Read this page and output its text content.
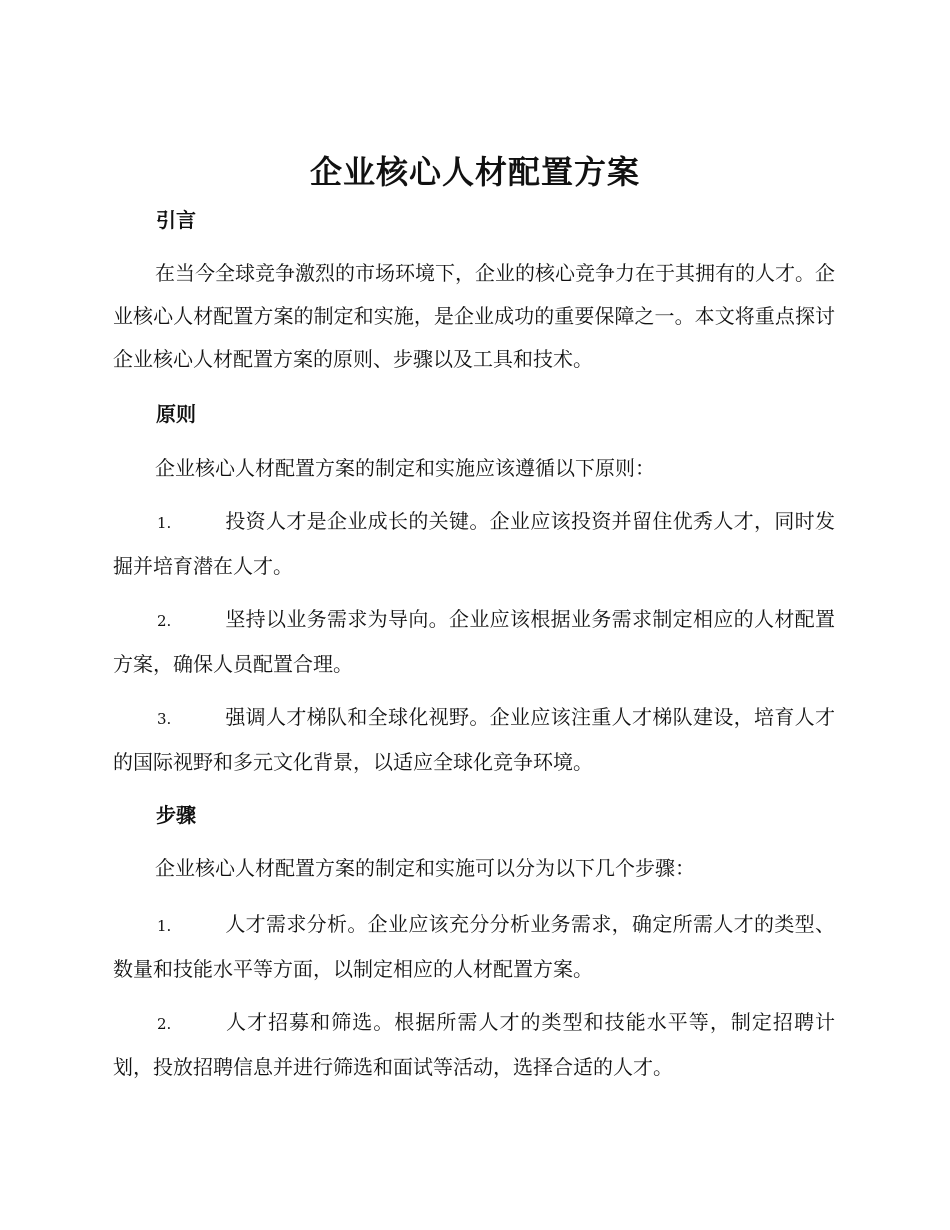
企业核心人材配置方案
引言

在当今全球竞争激烈的市场环境下，企业的核心竞争力在于其拥有的人才。企业核心人材配置方案的制定和实施，是企业成功的重要保障之一。本文将重点探讨企业核心人材配置方案的原则、步骤以及工具和技术。

原则

企业核心人材配置方案的制定和实施应该遵循以下原则：

1.	投资人才是企业成长的关键。企业应该投资并留住优秀人才，同时发掘并培育潜在人才。

2.	坚持以业务需求为导向。企业应该根据业务需求制定相应的人材配置方案，确保人员配置合理。

3.	强调人才梯队和全球化视野。企业应该注重人才梯队建设，培育人才的国际视野和多元文化背景，以适应全球化竞争环境。

步骤

企业核心人材配置方案的制定和实施可以分为以下几个步骤：

1.	人才需求分析。企业应该充分分析业务需求，确定所需人才的类型、数量和技能水平等方面，以制定相应的人材配置方案。

2.	人才招募和筛选。根据所需人才的类型和技能水平等，制定招聘计划，投放招聘信息并进行筛选和面试等活动，选择合适的人才。
